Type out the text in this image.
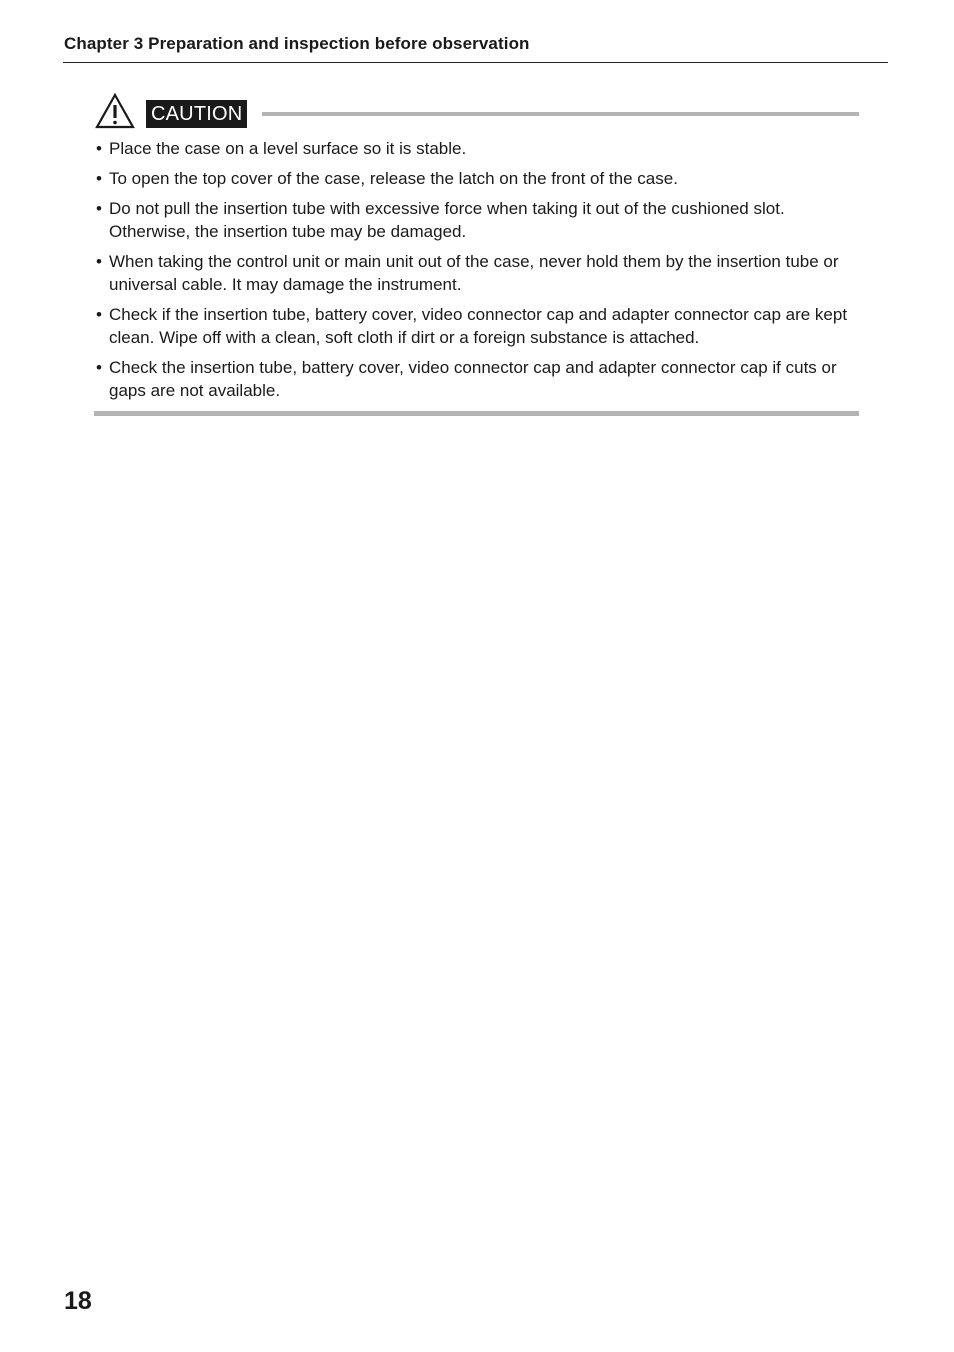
Chapter 3 Preparation and inspection before observation
CAUTION
• Place the case on a level surface so it is stable.
• To open the top cover of the case, release the latch on the front of the case.
• Do not pull the insertion tube with excessive force when taking it out of the cushioned slot. Otherwise, the insertion tube may be damaged.
• When taking the control unit or main unit out of the case, never hold them by the insertion tube or universal cable. It may damage the instrument.
• Check if the insertion tube, battery cover, video connector cap and adapter connector cap are kept clean. Wipe off with a clean, soft cloth if dirt or a foreign substance is attached.
• Check the insertion tube, battery cover, video connector cap and adapter connector cap if cuts or gaps are not available.
18
